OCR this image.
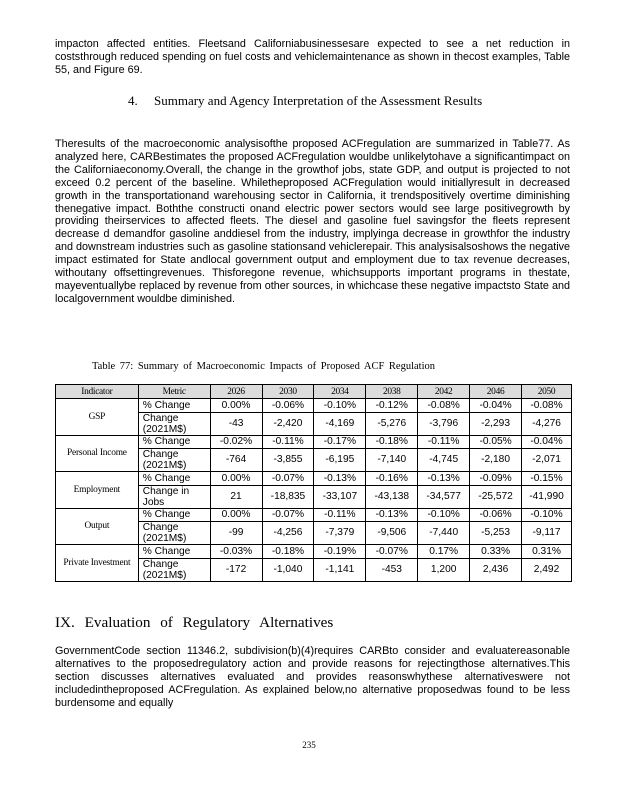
impacton affected entities. Fleetsand Californiabusinessesare expected to see a net reduction in coststhrough reduced spending on fuel costs and vehiclemaintenance as shown in thecost examples, Table 55, and Figure 69.

4.	Summary and Agency Interpretation of the Assessment Results

Theresults of the macroeconomic analysisofthe proposed ACFregulation are summarized in Table77. As analyzed here, CARBestimates the proposed ACFregulation wouldbe unlikelytohave a significantimpact on the Californiaeconomy.Overall, the change in the growthof jobs, state GDP, and output is projected to not exceed 0.2 percent of the baseline. Whiletheproposed ACFregulation would initiallyresult in decreased growth in the transportationand warehousing sector in California, it trendspositively overtime diminishing thenegative impact. Boththe constructi onand electric power sectors would see large positivegrowth by providing theirservices to affected fleets. The diesel and gasoline fuel savingsfor the fleets represent decrease d demandfor gasoline anddiesel from the industry, implyinga decrease in growthfor the industry and downstream industries such as gasoline stationsand vehiclerepair. This analysisalsoshows the negative impact estimated for State andlocal government output and employment due to tax revenue decreases, withoutany offsettingrevenues. Thisforegone revenue, whichsupports important programs in thestate, mayeventuallybe replaced by revenue from other sources, in whichcase these negative impactsto State and localgovernment wouldbe diminished.

Table 77: Summary of Macroeconomic Impacts of Proposed ACF Regulation
Indicator	Metric	2026	2030	2034	2038	2042	2046	2050
GSP	% Change	0.00%	-0.06%	-0.10%	-0.12%	-0.08%	-0.04%	-0.08%
	Change (2021M$)	-43	-2,420	-4,169	-5,276	-3,796	-2,293	-4,276
Personal Income	% Change	-0.02%	-0.11%	-0.17%	-0.18%	-0.11%	-0.05%	-0.04%
	Change (2021M$)	-764	-3,855	-6,195	-7,140	-4,745	-2,180	-2,071
Employment	% Change	0.00%	-0.07%	-0.13%	-0.16%	-0.13%	-0.09%	-0.15%
	Change in Jobs	21	-18,835	-33,107	-43,138	-34,577	-25,572	-41,990
Output	% Change	0.00%	-0.07%	-0.11%	-0.13%	-0.10%	-0.06%	-0.10%
	Change (2021M$)	-99	-4,256	-7,379	-9,506	-7,440	-5,253	-9,117
Private Investment	% Change	-0.03%	-0.18%	-0.19%	-0.07%	0.17%	0.33%	0.31%
	Change (2021M$)	-172	-1,040	-1,141	-453	1,200	2,436	2,492
IX. Evaluation of Regulatory Alternatives

GovernmentCode section 11346.2, subdivision(b)(4)requires CARBto consider and evaluatereasonable alternatives to the proposedregulatory action and provide reasons for rejectingthose alternatives.This section discusses alternatives evaluated and provides reasonswhythese alternativeswere not includedintheproposed ACFregulation. As explained below,no alternative proposedwas found to be less burdensome and equally

235
